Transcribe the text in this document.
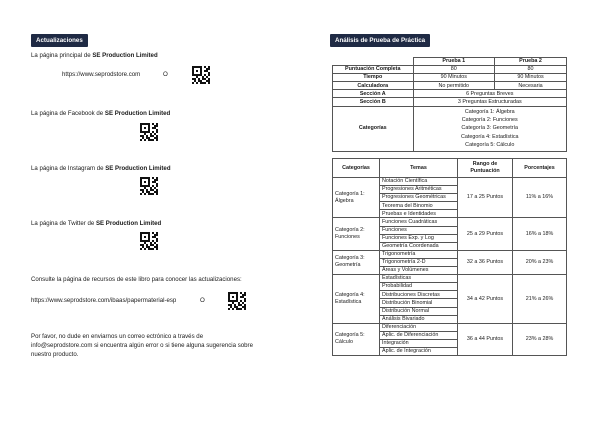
Actualizaciones
La página principal de SE Production Limited
https://www.seprodstore.com	O
La página de Facebook de SE Production Limited
La página de Instagram de SE Production Limited
La página de Twitter de SE Production Limited
Consulte la página de recursos de este libro para conocer las actualizaciones:
https://www.seprodstore.com/ibaas/papermaterial-esp	O
Por favor, no dude en enviarnos un correo ectrónico a través de
info@seprodstore.com si encuentra algún error o si tiene alguna sugerencia sobre
nuestro producto.
Análisis de Prueba de Práctica
	Prueba 1	Prueba 2
Puntuación Completa	80	80
Tiempo	90 Minutos	90 Minutos
Calculadora	No permitido	Necesaria
Sección A	6 Preguntas Breves	
Sección B	3 Preguntas Estructuradas	
Categorías	Categoría 1: Álgebra
Categoría 2: Funciones
Categoría 3: Geometría
Categoría 4: Estadística
Categoría 5: Cálculo	
Categorías	Temas	Rango de Puntuación	Porcentajes
Categoría 1: Álgebra	Notación Científica	17 a 25 Puntos	11% a 16%
	Progresiones Aritméticas		
	Progresiones Geométricas		
	Teorema del Binomio		
	Pruebas e Identidades		
Categoría 2: Funciones	Funciones Cuadráticas	25 a 29 Puntos	16% a 18%
	Funciones		
	Funciones Exp. y Log		
	Geometría Coordenada		
Categoría 3: Geometría	Trigonometría	32 a 36 Puntos	20% a 23%
	Trigonometría 2-D		
	Áreas y Volúmenes		
Categoría 4: Estadística	Estadísticas	34 a 42 Puntos	21% a 26%
	Probabilidad		
	Distribuciones Discretas		
	Distribución Binomial		
	Distribución Normal		
	Análisis Bivariado		
Categoría 5: Cálculo	Diferenciación	36 a 44 Puntos	23% a 28%
	Aplic. de Diferenciación		
	Integración		
	Aplic. de Integración		
